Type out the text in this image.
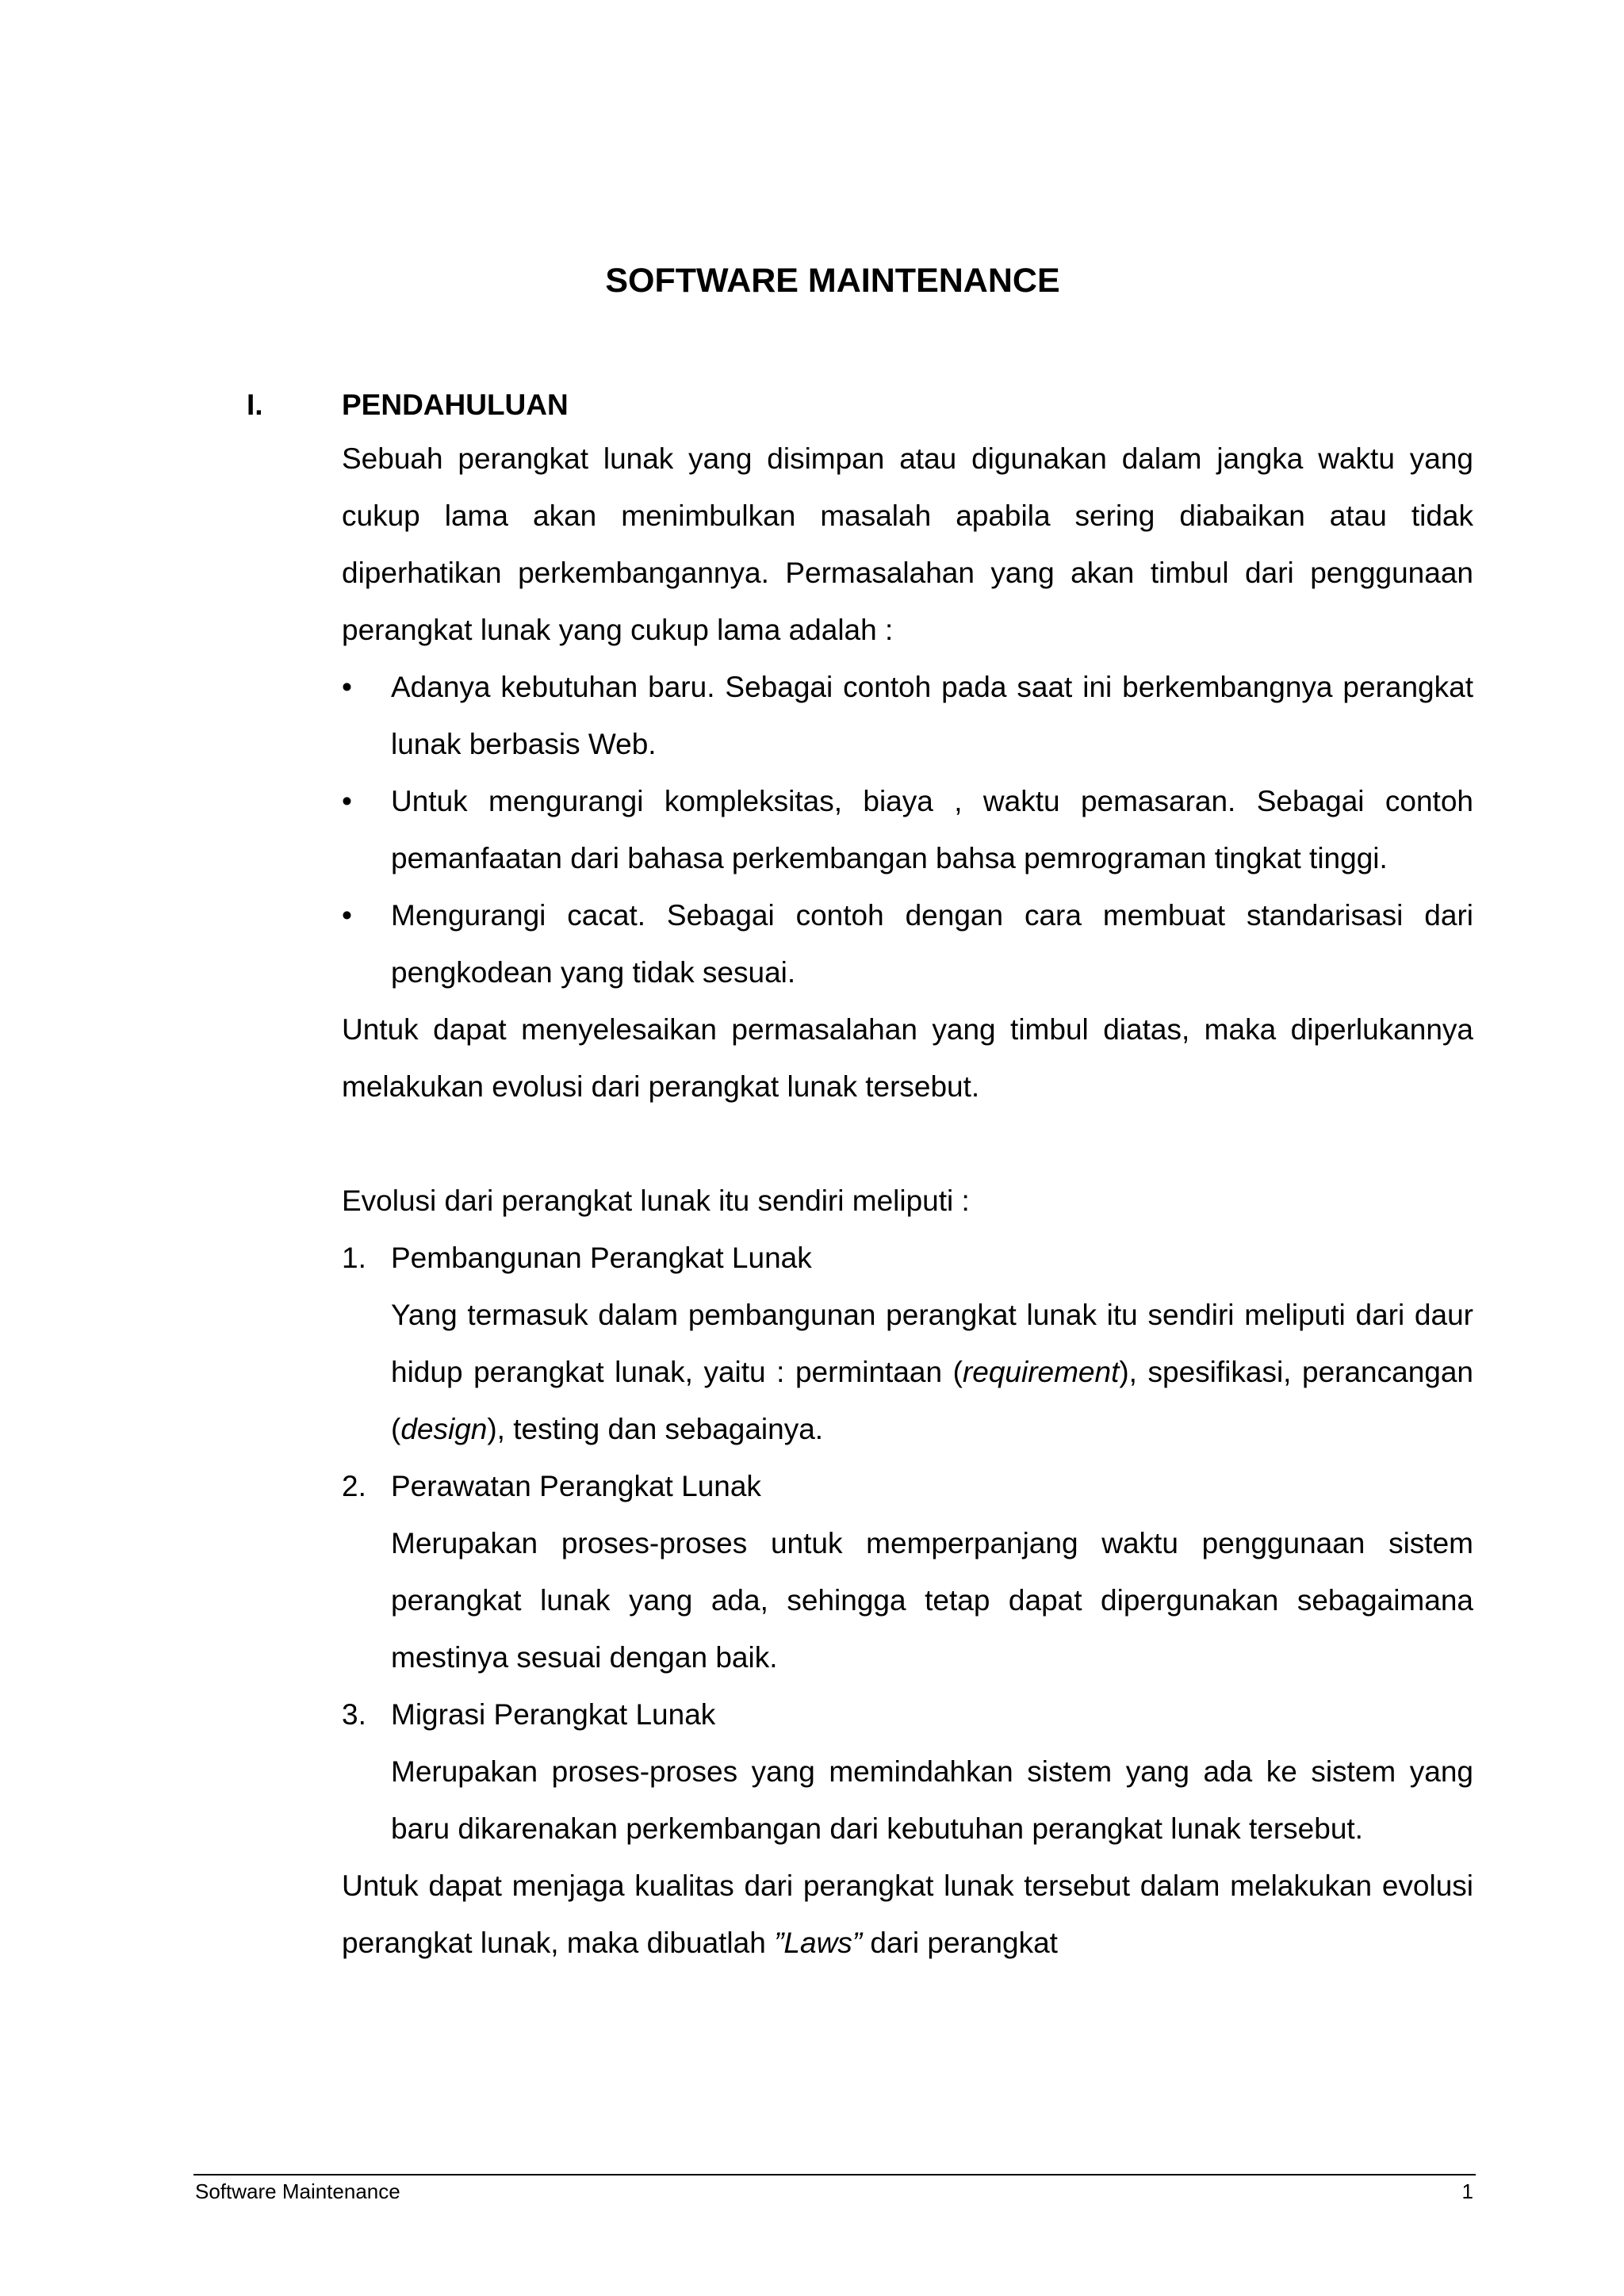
SOFTWARE MAINTENANCE
I.	PENDAHULUAN

Sebuah perangkat lunak yang disimpan atau digunakan dalam jangka waktu yang cukup lama akan menimbulkan masalah apabila sering diabaikan atau tidak diperhatikan perkembangannya. Permasalahan yang akan timbul dari penggunaan perangkat lunak yang cukup lama adalah :

•	Adanya kebutuhan baru. Sebagai contoh pada saat ini berkembangnya perangkat lunak berbasis Web.
•	Untuk mengurangi kompleksitas, biaya , waktu pemasaran. Sebagai contoh pemanfaatan dari bahasa perkembangan bahsa pemrograman tingkat tinggi.
•	Mengurangi cacat. Sebagai contoh dengan cara membuat standarisasi dari pengkodean yang tidak sesuai.

Untuk dapat menyelesaikan permasalahan yang timbul diatas, maka diperlukannya melakukan evolusi dari perangkat lunak tersebut.

Evolusi dari perangkat lunak itu sendiri meliputi :

1. Pembangunan Perangkat Lunak
Yang termasuk dalam pembangunan perangkat lunak itu sendiri meliputi dari daur hidup perangkat lunak, yaitu : permintaan (requirement), spesifikasi, perancangan (design), testing dan sebagainya.
2. Perawatan Perangkat Lunak
Merupakan proses-proses untuk memperpanjang waktu penggunaan sistem perangkat lunak yang ada, sehingga tetap dapat dipergunakan sebagaimana mestinya sesuai dengan baik.
3. Migrasi Perangkat Lunak
Merupakan proses-proses yang memindahkan sistem yang ada ke sistem yang baru dikarenakan perkembangan dari kebutuhan perangkat lunak tersebut.

Untuk dapat menjaga kualitas dari perangkat lunak tersebut dalam melakukan evolusi perangkat lunak, maka dibuatlah ”Laws” dari perangkat

Software Maintenance	1
